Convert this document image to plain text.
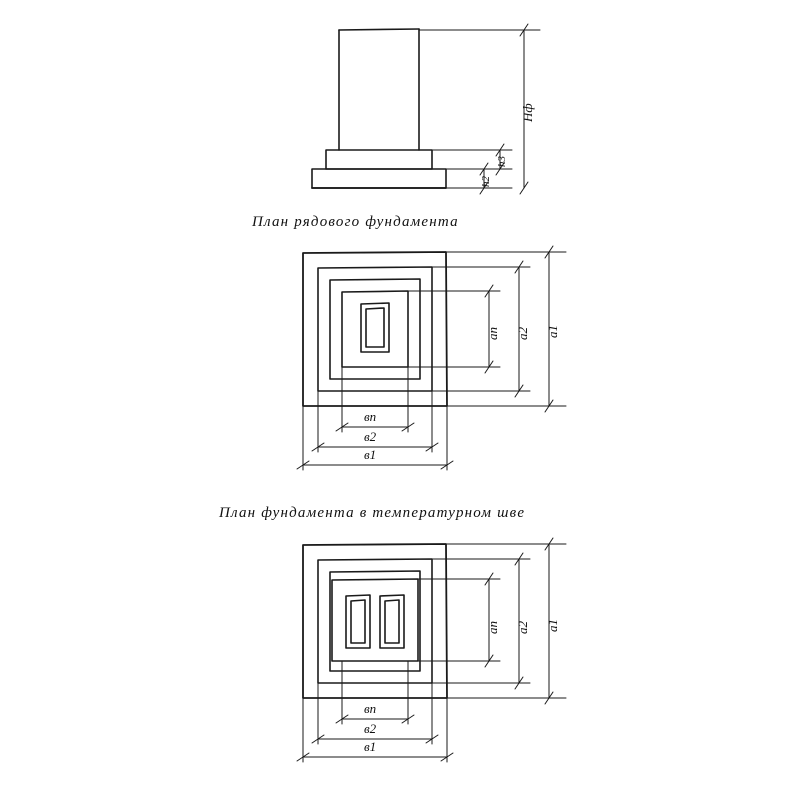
План рядового фундамента
План фундамента в температурном шве
Нф
h3
h2
ап а2 а1
вп
в2
в1
ап а2 а1
вп
в2
в1
